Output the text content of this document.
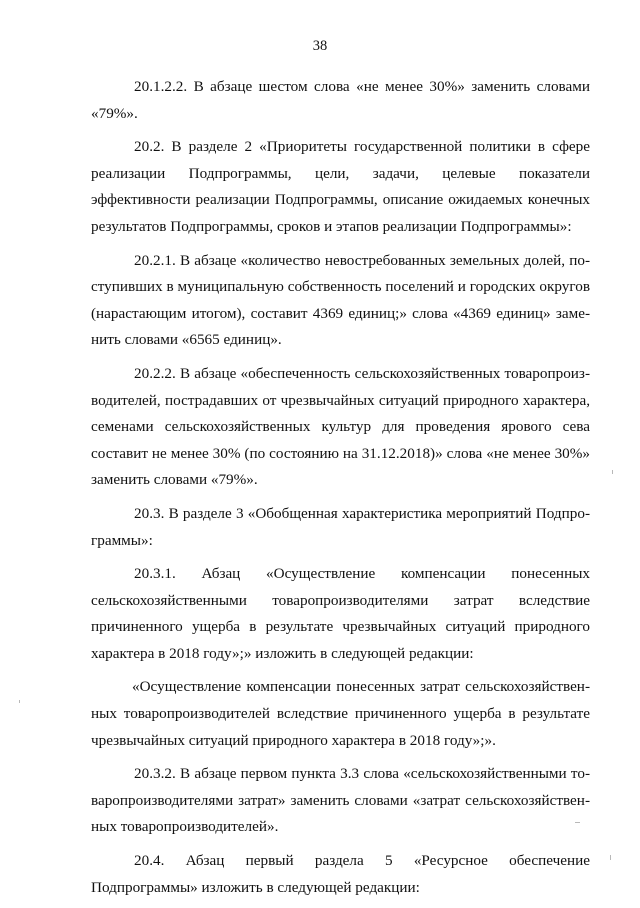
38

20.1.2.2. В абзаце шестом слова «не менее 30%» заменить словами «79%».

20.2. В разделе 2 «Приоритеты государственной политики в сфере реализации Подпрограммы, цели, задачи, целевые показатели эффективности реализации Подпрограммы, описание ожидаемых конечных результатов Подпрограммы, сроков и этапов реализации Подпрограммы»:

20.2.1. В абзаце «количество невостребованных земельных долей, поступивших в муниципальную собственность поселений и городских округов (нарастающим итогом), составит 4369 единиц;» слова «4369 единиц» заменить словами «6565 единиц».

20.2.2. В абзаце «обеспеченность сельскохозяйственных товаропроизводителей, пострадавших от чрезвычайных ситуаций природного характера, семенами сельскохозяйственных культур для проведения ярового сева составит не менее 30% (по состоянию на 31.12.2018)» слова «не менее 30%» заменить словами «79%».

20.3. В разделе 3 «Обобщенная характеристика мероприятий Подпрограммы»:

20.3.1. Абзац «Осуществление компенсации понесенных сельскохозяйственными товаропроизводителями затрат вследствие причиненного ущерба в результате чрезвычайных ситуаций природного характера в 2018 году»;» изложить в следующей редакции:

«Осуществление компенсации понесенных затрат сельскохозяйственных товаропроизводителей вследствие причиненного ущерба в результате чрезвычайных ситуаций природного характера в 2018 году»;».

20.3.2. В абзаце первом пункта 3.3 слова «сельскохозяйственными товаропроизводителями затрат» заменить словами «затрат сельскохозяйственных товаропроизводителей».

20.4. Абзац первый раздела 5 «Ресурсное обеспечение Подпрограммы» изложить в следующей редакции:
